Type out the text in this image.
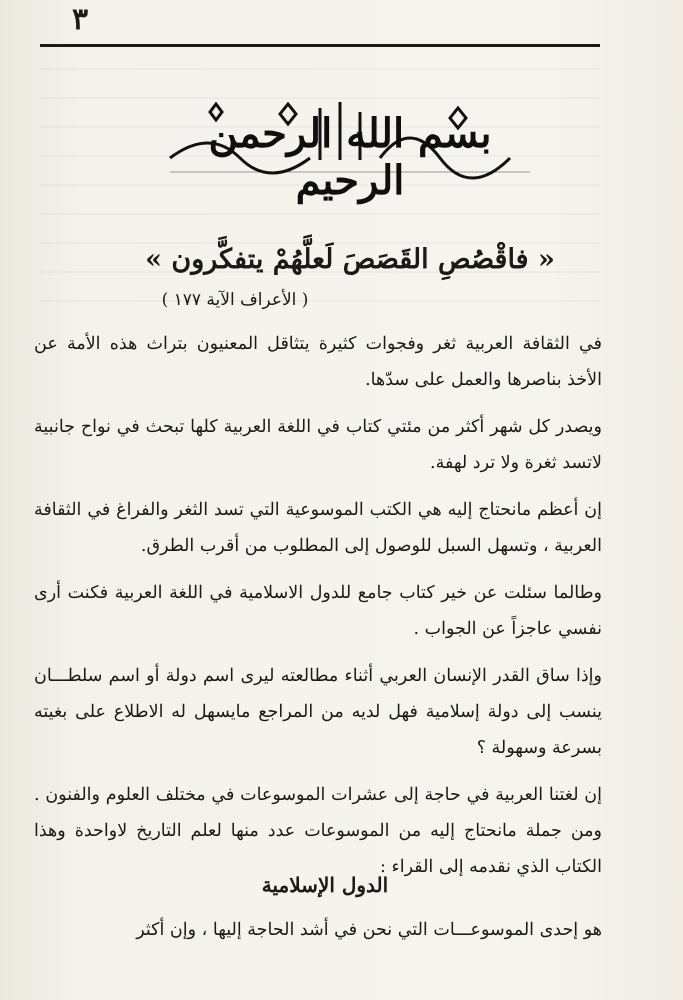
٣
بسم الله الرحمن الرحيم
« فاقْصُصِ القَصَصَ لَعلَّهُمْ يتفكَّرون »
( الأعراف الآية ١٧٧ )

في الثقافة العربية ثغر وفجوات كثيرة يتثاقل المعنيون بتراث هذه الأمة عن الأخذ بناصرها والعمل على سدّها.

ويصدر كل شهر أكثر من مئتي كتاب في اللغة العربية كلها تبحث في نواح جانبية لاتسد ثغرة ولا ترد لهفة.

إن أعظم مانحتاج إليه هي الكتب الموسوعية التي تسد الثغر والفراغ في الثقافة العربية ، وتسهل السبل للوصول إلى المطلوب من أقرب الطرق.

وطالما سئلت عن خير كتاب جامع للدول الاسلامية في اللغة العربية فكنت أرى نفسي عاجزاً عن الجواب .

وإذا ساق القدر الإنسان العربي أثناء مطالعته ليرى اسم دولة أو اسم سلطـــان ينسب إلى دولة إسلامية فهل لديه من المراجع مايسهل له الاطلاع على بغيته بسرعة وسهولة ؟

إن لغتنا العربية في حاجة إلى عشرات الموسوعات في مختلف العلوم والفنون . ومن جملة مانحتاج إليه من الموسوعات عدد منها لعلم التاريخ لاواحدة وهذا الكتاب الذي نقدمه إلى القراء :

الدول الإسلامية
هو إحدى الموسوعـــات التي نحن في أشد الحاجة إليها ، وإن أكثر
